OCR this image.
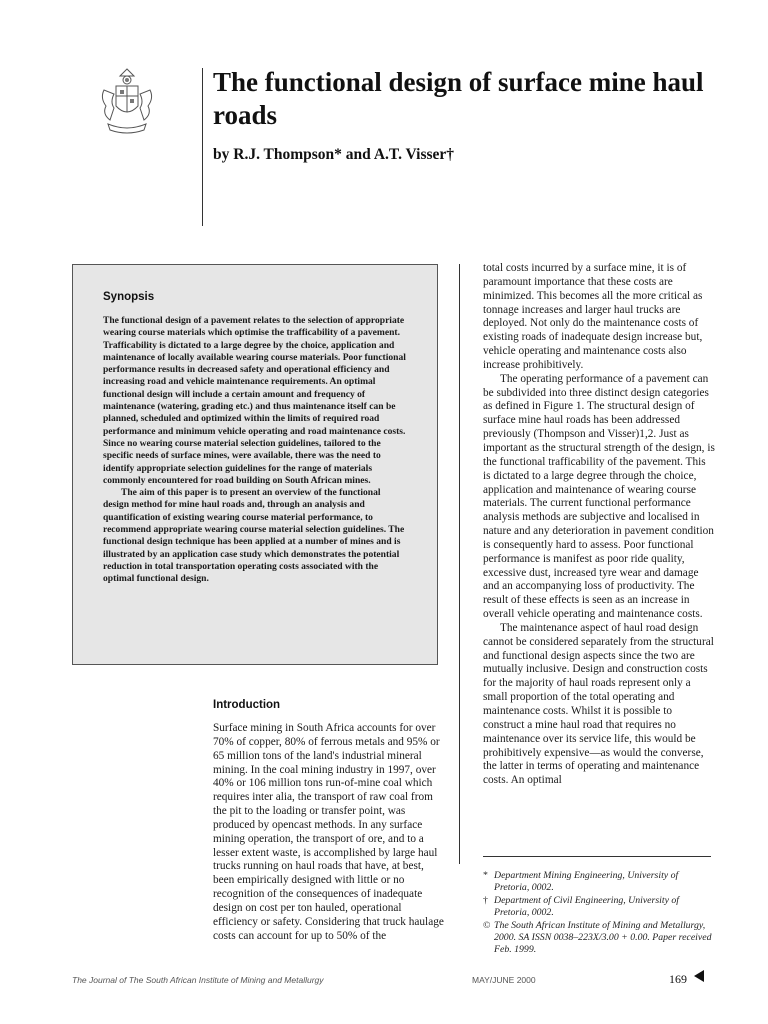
The functional design of surface mine haul roads

by R.J. Thompson* and A.T. Visser†

Synopsis

The functional design of a pavement relates to the selection of appropriate wearing course materials which optimise the trafficability of a pavement. Trafficability is dictated to a large degree by the choice, application and maintenance of locally available wearing course materials. Poor functional performance results in decreased safety and operational efficiency and increasing road and vehicle maintenance requirements. An optimal functional design will include a certain amount and frequency of maintenance (watering, grading etc.) and thus maintenance itself can be planned, scheduled and optimized within the limits of required road performance and minimum vehicle operating and road maintenance costs. Since no wearing course material selection guidelines, tailored to the specific needs of surface mines, were available, there was the need to identify appropriate selection guidelines for the range of materials commonly encountered for road building on South African mines.

The aim of this paper is to present an overview of the functional design method for mine haul roads and, through an analysis and quantification of existing wearing course material performance, to recommend appropriate wearing course material selection guidelines. The functional design technique has been applied at a number of mines and is illustrated by an application case study which demonstrates the potential reduction in total transportation operating costs associated with the optimal functional design.

Introduction

Surface mining in South Africa accounts for over 70% of copper, 80% of ferrous metals and 95% or 65 million tons of the land's industrial mineral mining. In the coal mining industry in 1997, over 40% or 106 million tons run-of-mine coal which requires inter alia, the transport of raw coal from the pit to the loading or transfer point, was produced by opencast methods. In any surface mining operation, the transport of ore, and to a lesser extent waste, is accomplished by large haul trucks running on haul roads that have, at best, been empirically designed with little or no recognition of the consequences of inadequate design on cost per ton hauled, operational efficiency or safety. Considering that truck haulage costs can account for up to 50% of the

total costs incurred by a surface mine, it is of paramount importance that these costs are minimized. This becomes all the more critical as tonnage increases and larger haul trucks are deployed. Not only do the maintenance costs of existing roads of inadequate design increase but, vehicle operating and maintenance costs also increase prohibitively.

The operating performance of a pavement can be subdivided into three distinct design categories as defined in Figure 1. The structural design of surface mine haul roads has been addressed previously (Thompson and Visser)1,2. Just as important as the structural strength of the design, is the functional trafficability of the pavement. This is dictated to a large degree through the choice, application and maintenance of wearing course materials. The current functional performance analysis methods are subjective and localised in nature and any deterioration in pavement condition is consequently hard to assess. Poor functional performance is manifest as poor ride quality, excessive dust, increased tyre wear and damage and an accompanying loss of productivity. The result of these effects is seen as an increase in overall vehicle operating and maintenance costs.

The maintenance aspect of haul road design cannot be considered separately from the structural and functional design aspects since the two are mutually inclusive. Design and construction costs for the majority of haul roads represent only a small proportion of the total operating and maintenance costs. Whilst it is possible to construct a mine haul road that requires no maintenance over its service life, this would be prohibitively expensive—as would the converse, the latter in terms of operating and maintenance costs. An optimal

* Department Mining Engineering, University of Pretoria, 0002.

† Department of Civil Engineering, University of Pretoria, 0002.

© The South African Institute of Mining and Metallurgy, 2000. SA ISSN 0038–223X/3.00 + 0.00. Paper received Feb. 1999.

The Journal of The South African Institute of Mining and Metallurgy	MAY/JUNE 2000	169
